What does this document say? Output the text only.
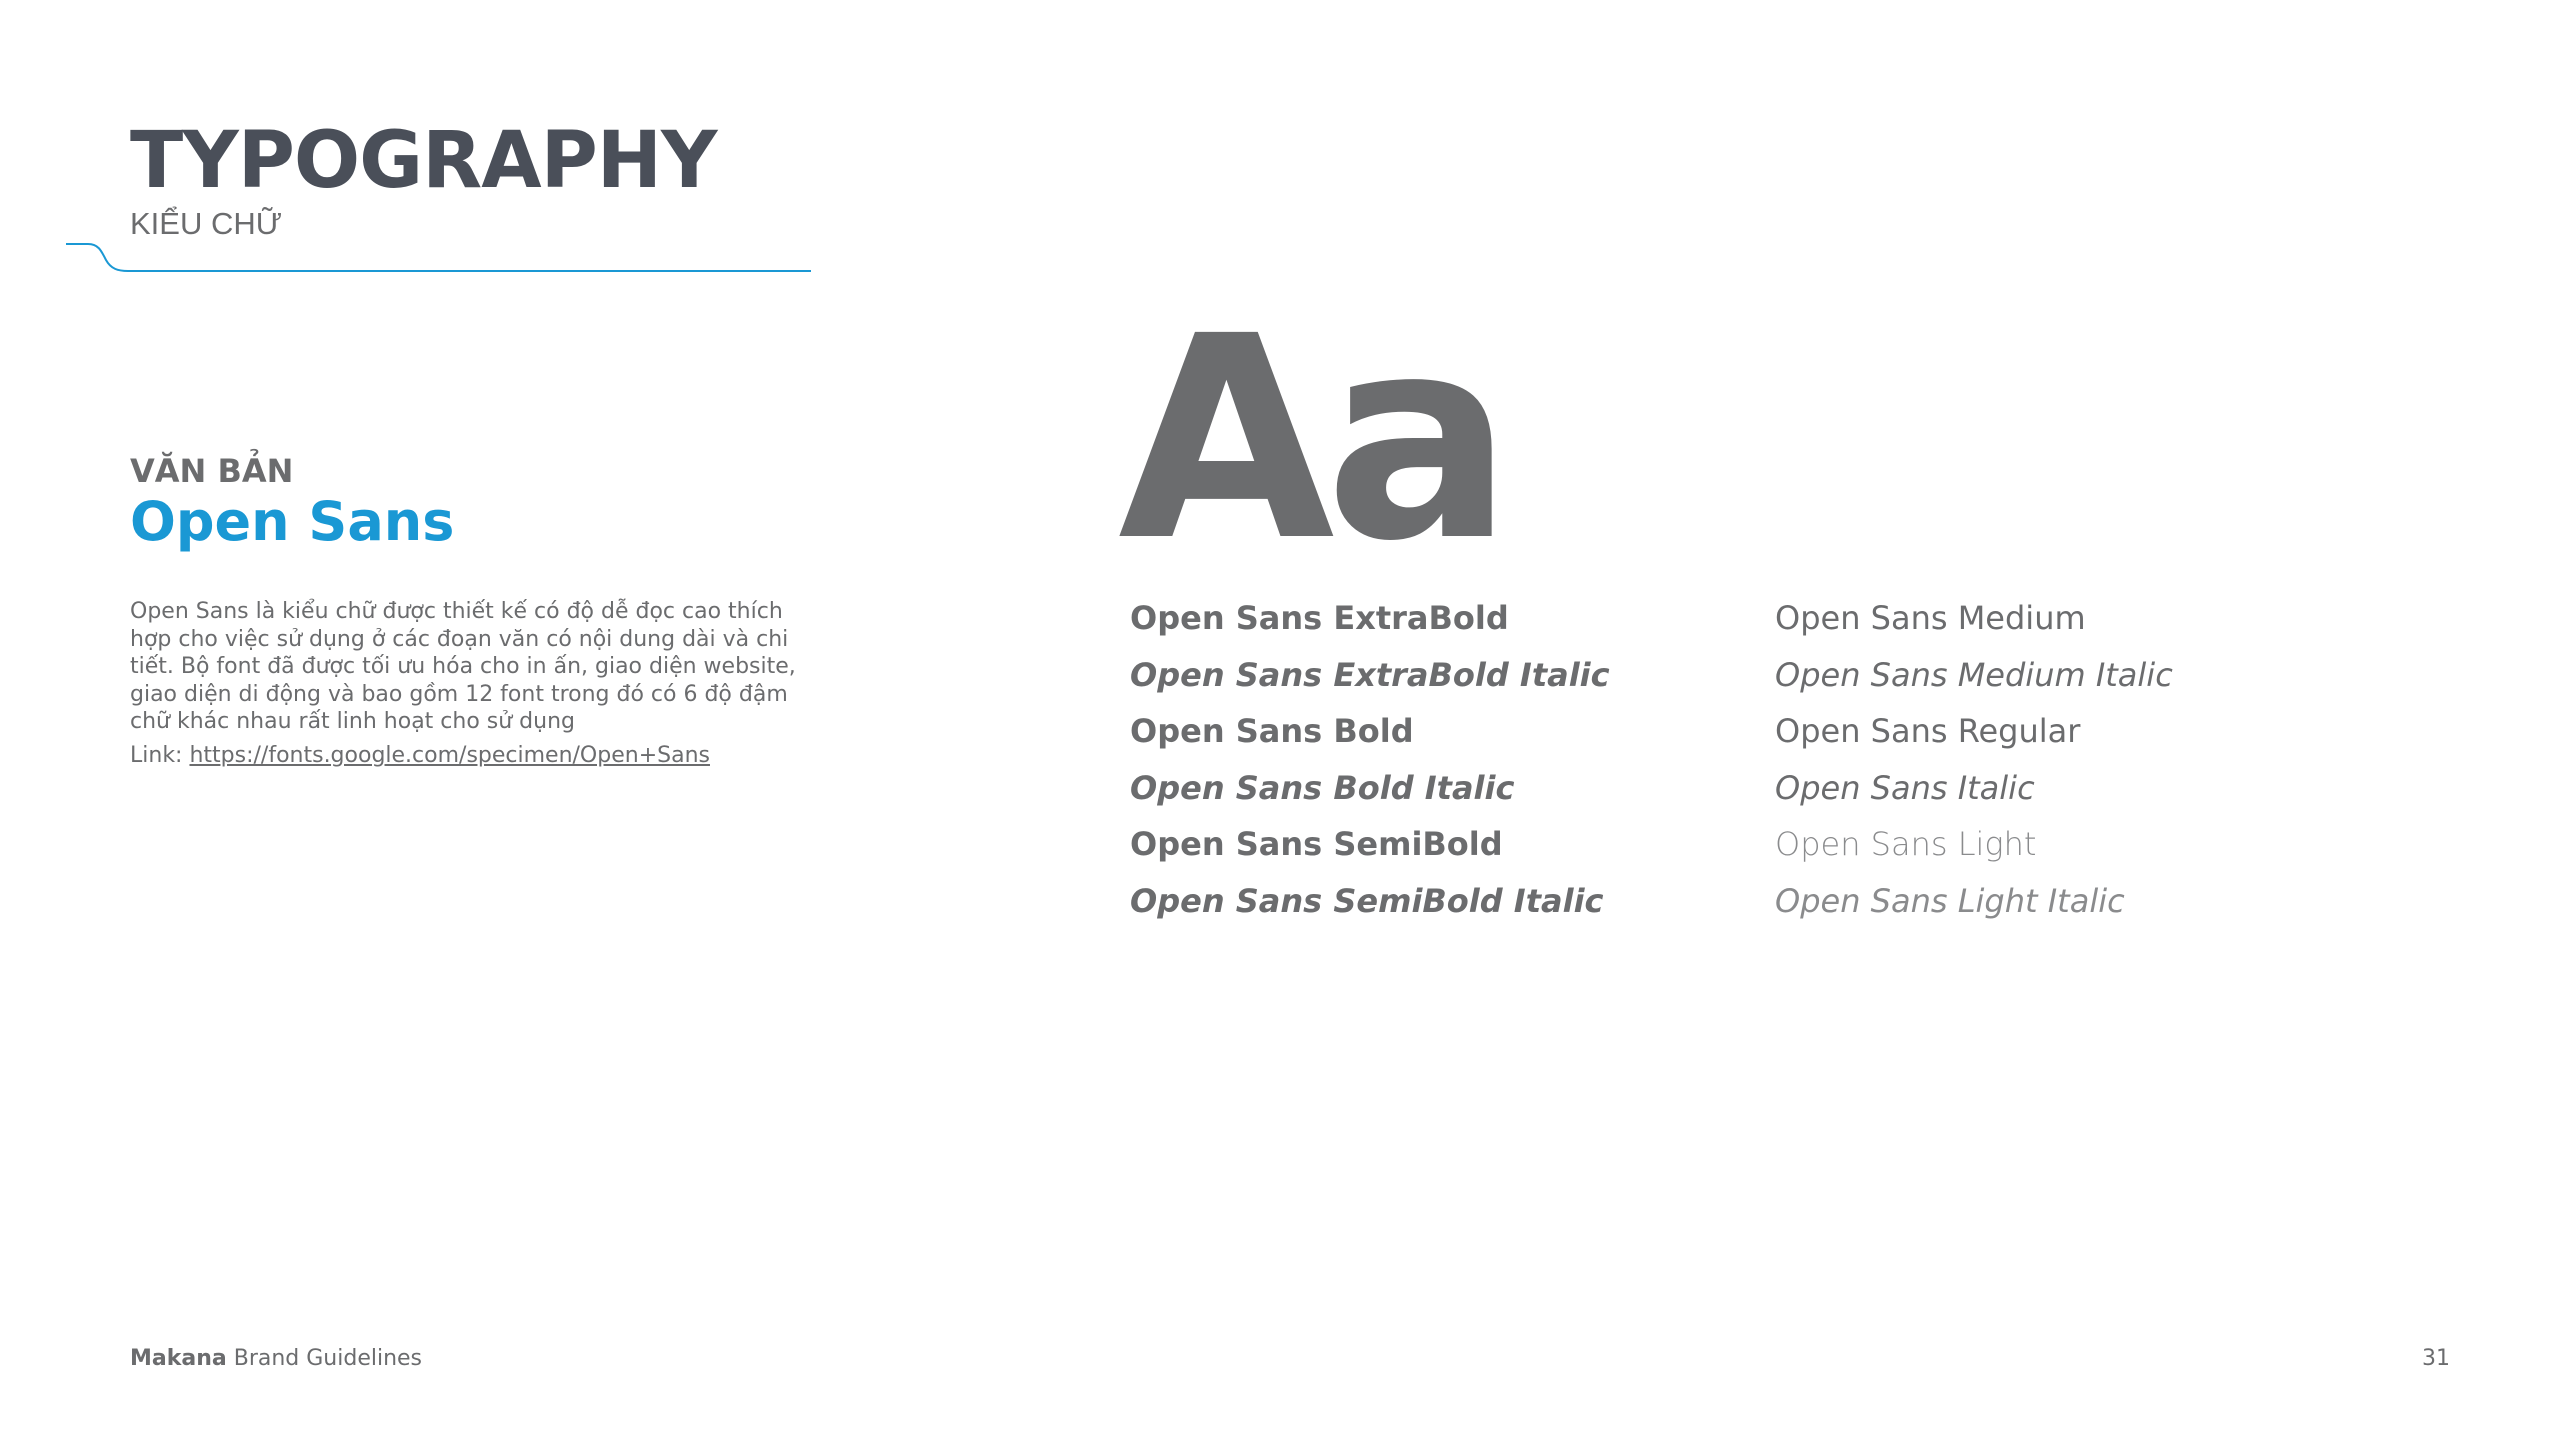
TYPOGRAPHY
KIỂU CHỮ
VĂN BẢN
Open Sans

Open Sans là kiểu chữ được thiết kế có độ dễ đọc cao thích hợp cho việc sử dụng ở các đoạn văn có nội dung dài và chi tiết. Bộ font đã được tối ưu hóa cho in ấn, giao diện website, giao diện di động và bao gồm 12 font trong đó có 6 độ đậm chữ khác nhau rất linh hoạt cho sử dụng

Link: https://fonts.google.com/specimen/Open+Sans
Aa
Open Sans ExtraBold
Open Sans ExtraBold Italic
Open Sans Bold
Open Sans Bold Italic
Open Sans SemiBold
Open Sans SemiBold Italic
Open Sans Medium
Open Sans Medium Italic
Open Sans Regular
Open Sans Italic
Open Sans Light
Open Sans Light Italic
Makana Brand Guidelines	31
